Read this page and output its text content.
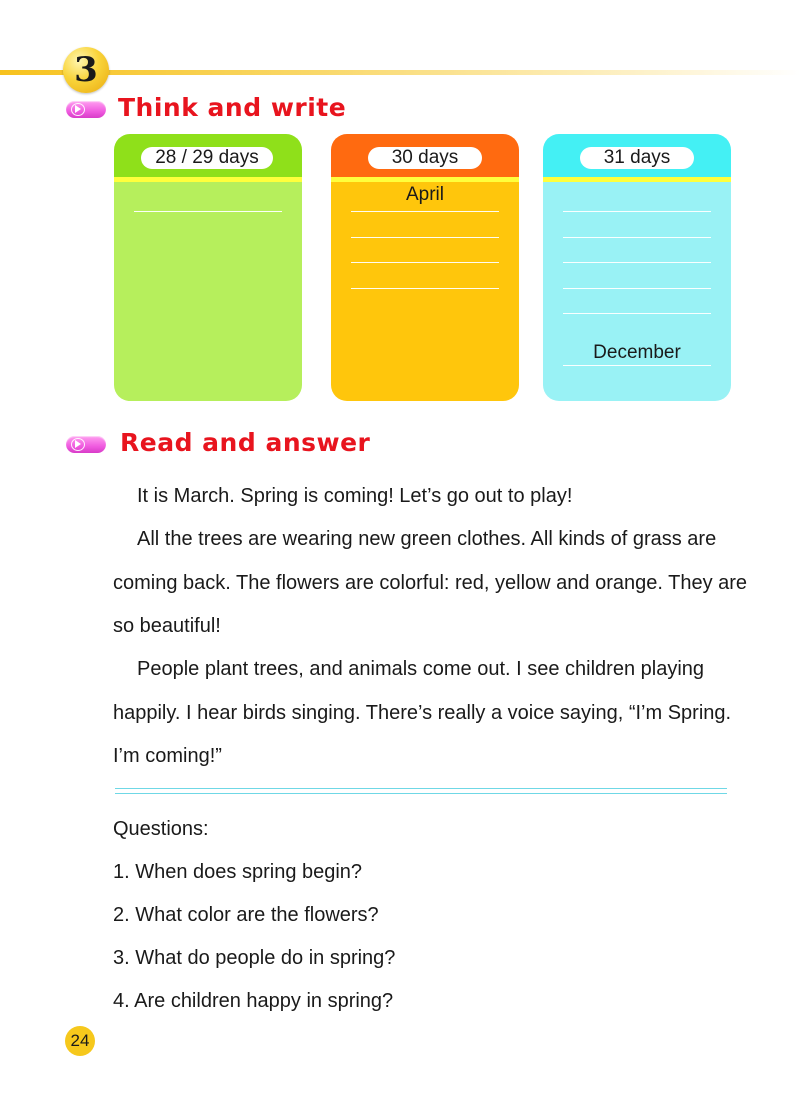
3
Think and write
28 / 29 days	30 days
April
31 days
December
Read and answer

It is March. Spring is coming! Let’s go out to play!

All the trees are wearing new green clothes. All kinds of grass are coming back. The flowers are colorful: red, yellow and orange. They are so beautiful!

People plant trees, and animals come out. I see children playing happily. I hear birds singing. There’s really a voice saying, “I’m Spring. I’m coming!”

Questions:
1. When does spring begin?
2. What color are the flowers?
3. What do people do in spring?
4. Are children happy in spring?
24
